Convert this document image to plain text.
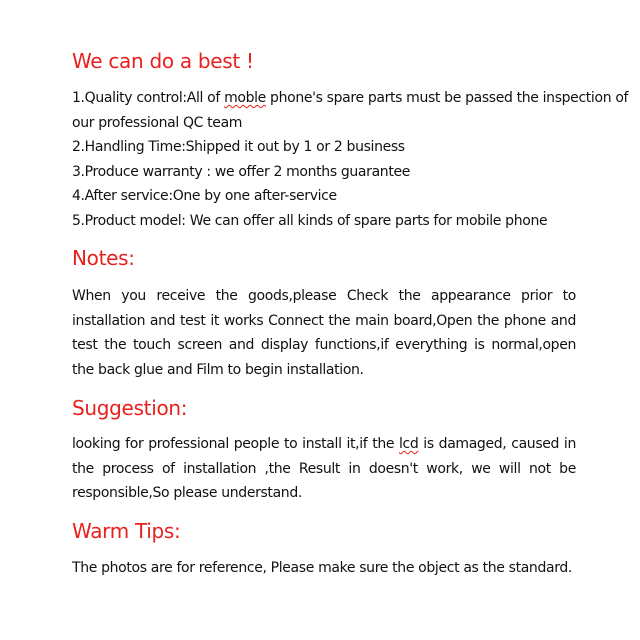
We can do a best !
1.Quality control:All of moble phone's spare parts must be passed the inspection of
our professional QC team

2.Handling Time:Shipped it out by 1 or 2 business

3.Produce warranty : we offer 2 months guarantee

4.After service:One by one after-service

5.Product model: We can offer all kinds of spare parts for mobile phone

Notes:

When you receive the goods,please Check the appearance prior to installation and test it works Connect the main board,Open the phone and test the touch screen and display functions,if everything is normal,open the back glue and Film to begin installation.

Suggestion:

looking for professional people to install it,if the lcd is damaged, caused in the process of installation ,the Result in doesn't work, we will not be responsible,So please understand.

Warm Tips:

The photos are for reference, Please make sure the object as the standard.
